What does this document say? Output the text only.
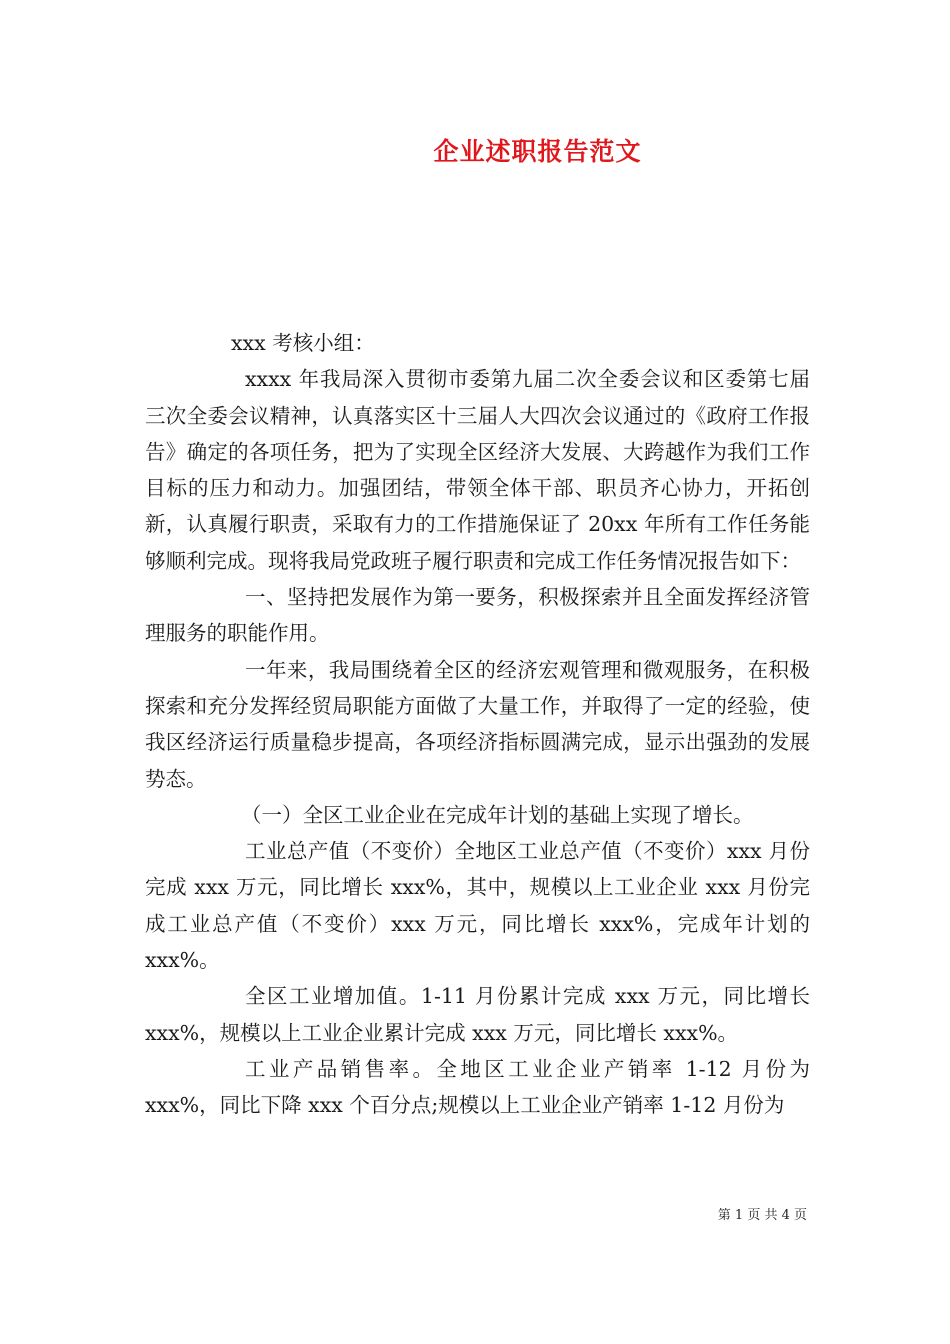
企业述职报告范文

xxx 考核小组：

xxxx 年我局深入贯彻市委第九届二次全委会议和区委第七届三次全委会议精神，认真落实区十三届人大四次会议通过的《政府工作报告》确定的各项任务，把为了实现全区经济大发展、大跨越作为我们工作目标的压力和动力。加强团结，带领全体干部、职员齐心协力，开拓创新，认真履行职责，采取有力的工作措施保证了 20xx 年所有工作任务能够顺利完成。现将我局党政班子履行职责和完成工作任务情况报告如下：

一、坚持把发展作为第一要务，积极探索并且全面发挥经济管理服务的职能作用。

一年来，我局围绕着全区的经济宏观管理和微观服务，在积极探索和充分发挥经贸局职能方面做了大量工作，并取得了一定的经验，使我区经济运行质量稳步提高，各项经济指标圆满完成，显示出强劲的发展势态。

（一）全区工业企业在完成年计划的基础上实现了增长。

工业总产值（不变价）全地区工业总产值（不变价）xxx 月份完成 xxx 万元，同比增长 xxx%，其中，规模以上工业企业 xxx 月份完成工业总产值（不变价）xxx 万元，同比增长 xxx%，完成年计划的 xxx%。

全区工业增加值。1-11 月份累计完成 xxx 万元，同比增长 xxx%，规模以上工业企业累计完成 xxx 万元，同比增长 xxx%。

工业产品销售率。全地区工业企业产销率 1-12 月份为 xxx%，同比下降 xxx 个百分点;规模以上工业企业产销率 1-12 月份为

第 1 页 共 4 页
